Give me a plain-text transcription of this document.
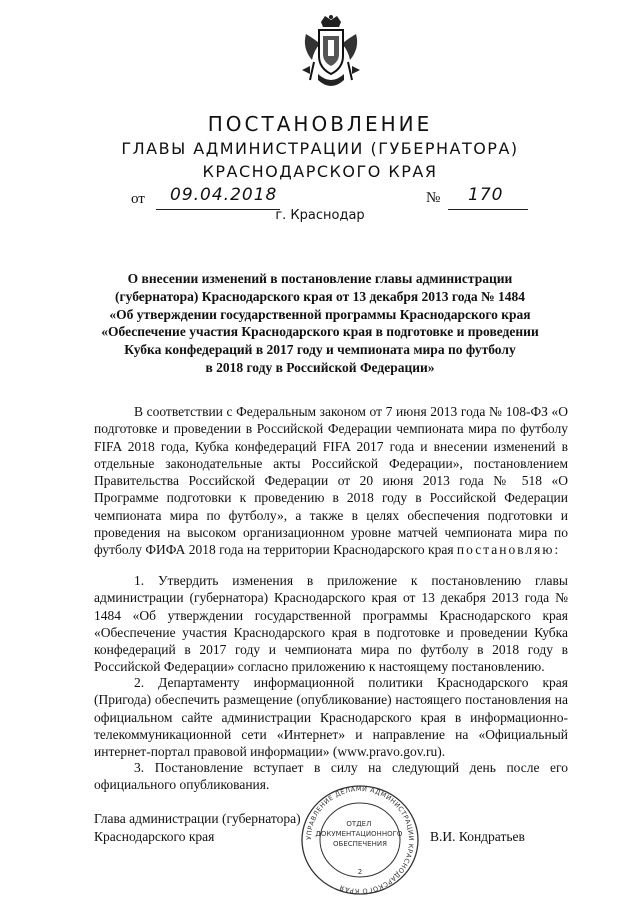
ПОСТАНОВЛЕНИЕ
ГЛАВЫ АДМИНИСТРАЦИИ (ГУБЕРНАТОРА)
КРАСНОДАРСКОГО КРАЯ
от 09.04.2018	№ 170
г. Краснодар
О внесении изменений в постановление главы администрации
(губернатора) Краснодарского края от 13 декабря 2013 года № 1484
«Об утверждении государственной программы Краснодарского края
«Обеспечение участия Краснодарского края в подготовке и проведении
Кубка конфедераций в 2017 году и чемпионата мира по футболу
в 2018 году в Российской Федерации»
В соответствии с Федеральным законом от 7 июня 2013 года № 108-ФЗ «О подготовке и проведении в Российской Федерации чемпионата мира по футболу FIFA 2018 года, Кубка конфедераций FIFA 2017 года и внесении изменений в отдельные законодательные акты Российской Федерации», постановлением Правительства Российской Федерации от 20 июня 2013 года № 518 «О Программе подготовки к проведению в 2018 году в Российской Федерации чемпионата мира по футболу», а также в целях обеспечения подготовки и проведения на высоком организационном уровне матчей чемпионата мира по футболу ФИФА 2018 года на территории Краснодарского края постановляю:
1. Утвердить изменения в приложение к постановлению главы администрации (губернатора) Краснодарского края от 13 декабря 2013 года № 1484 «Об утверждении государственной программы Краснодарского края «Обеспечение участия Краснодарского края в подготовке и проведении Кубка конфедераций в 2017 году и чемпионата мира по футболу в 2018 году в Российской Федерации» согласно приложению к настоящему постановлению.
2. Департаменту информационной политики Краснодарского края (Пригода) обеспечить размещение (опубликование) настоящего постановления на официальном сайте администрации Краснодарского края в информационно-телекоммуникационной сети «Интернет» и направление на «Официальный интернет-портал правовой информации» (www.pravo.gov.ru).
3. Постановление вступает в силу на следующий день после его официального опубликования.
Глава администрации (губернатора)
Краснодарского края	В.И. Кондратьев
УПРАВЛЕНИЕ ДЕЛАМИ АДМИНИСТРАЦИИ КРАСНОДАРСКОГО КРАЯ
ОТДЕЛ ДОКУМЕНТАЦИОННОГО ОБЕСПЕЧЕНИЯ
2
